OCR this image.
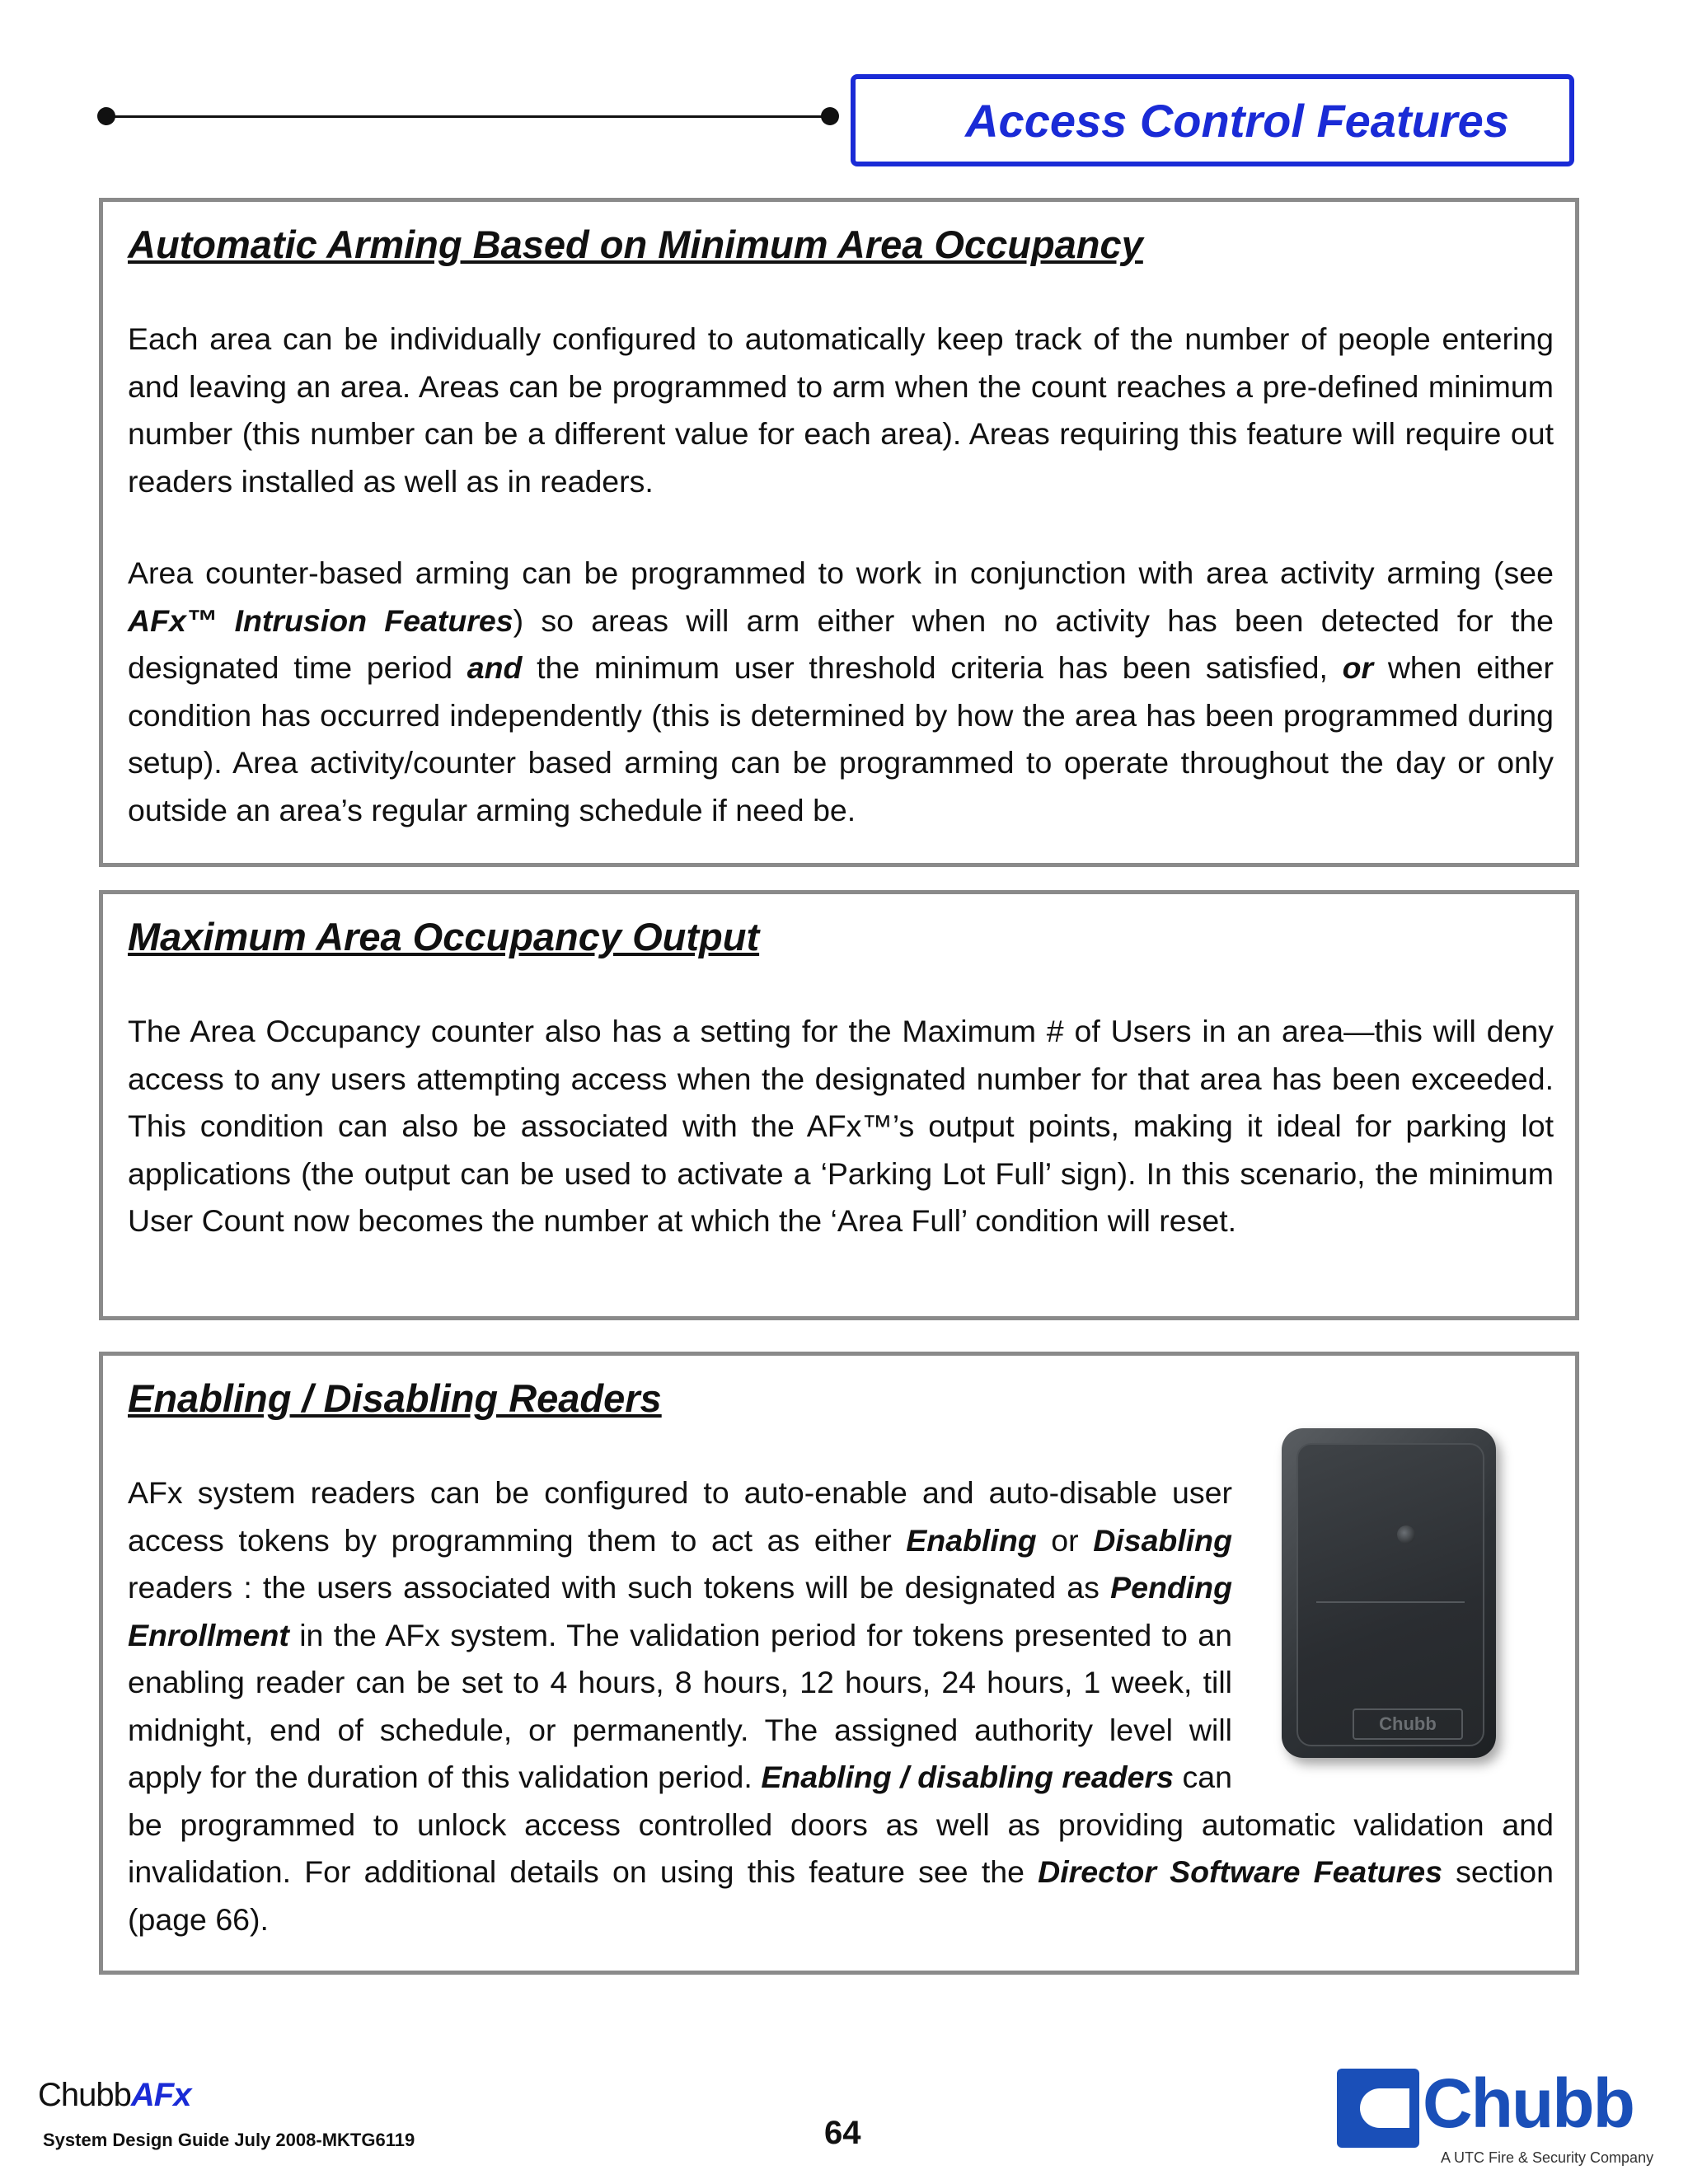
Access Control Features
Automatic Arming Based on Minimum Area Occupancy

Each area can be individually configured to automatically keep track of the number of people entering and leaving an area. Areas can be programmed to arm when the count reaches a pre-defined minimum number (this number can be a different value for each area). Areas requiring this feature will require out readers installed as well as in readers.

Area counter-based arming can be programmed to work in conjunction with area activity arming (see AFx™ Intrusion Features) so areas will arm either when no activity has been detected for the designated time period and the minimum user threshold criteria has been satisfied, or when either condition has occurred independently (this is determined by how the area has been programmed during setup). Area activity/counter based arming can be programmed to operate throughout the day or only outside an area’s regular arming schedule if need be.

Maximum Area Occupancy Output

The Area Occupancy counter also has a setting for the Maximum # of Users in an area—this will deny access to any users attempting access when the designated number for that area has been exceeded. This condition can also be associated with the AFx™’s output points, making it ideal for parking lot applications (the output can be used to activate a ‘Parking Lot Full’ sign). In this scenario, the minimum User Count now becomes the number at which the ‘Area Full’ condition will reset.

Enabling / Disabling Readers

Chubb
AFx system readers can be configured to auto-enable and auto-disable user access tokens by programming them to act as either Enabling or Disabling readers : the users associated with such tokens will be designated as Pending Enrollment in the AFx system. The validation period for tokens presented to an enabling reader can be set to 4 hours, 8 hours, 12 hours, 24 hours, 1 week, till midnight, end of schedule, or permanently. The assigned authority level will apply for the duration of this validation period. Enabling / disabling readers can be programmed to unlock access controlled doors as well as providing automatic validation and invalidation. For additional details on using this feature see the Director Software Features section (page 66).

ChubbAFx
System Design Guide July 2008-MKTG6119	64	Chubb
A UTC Fire & Security Company
